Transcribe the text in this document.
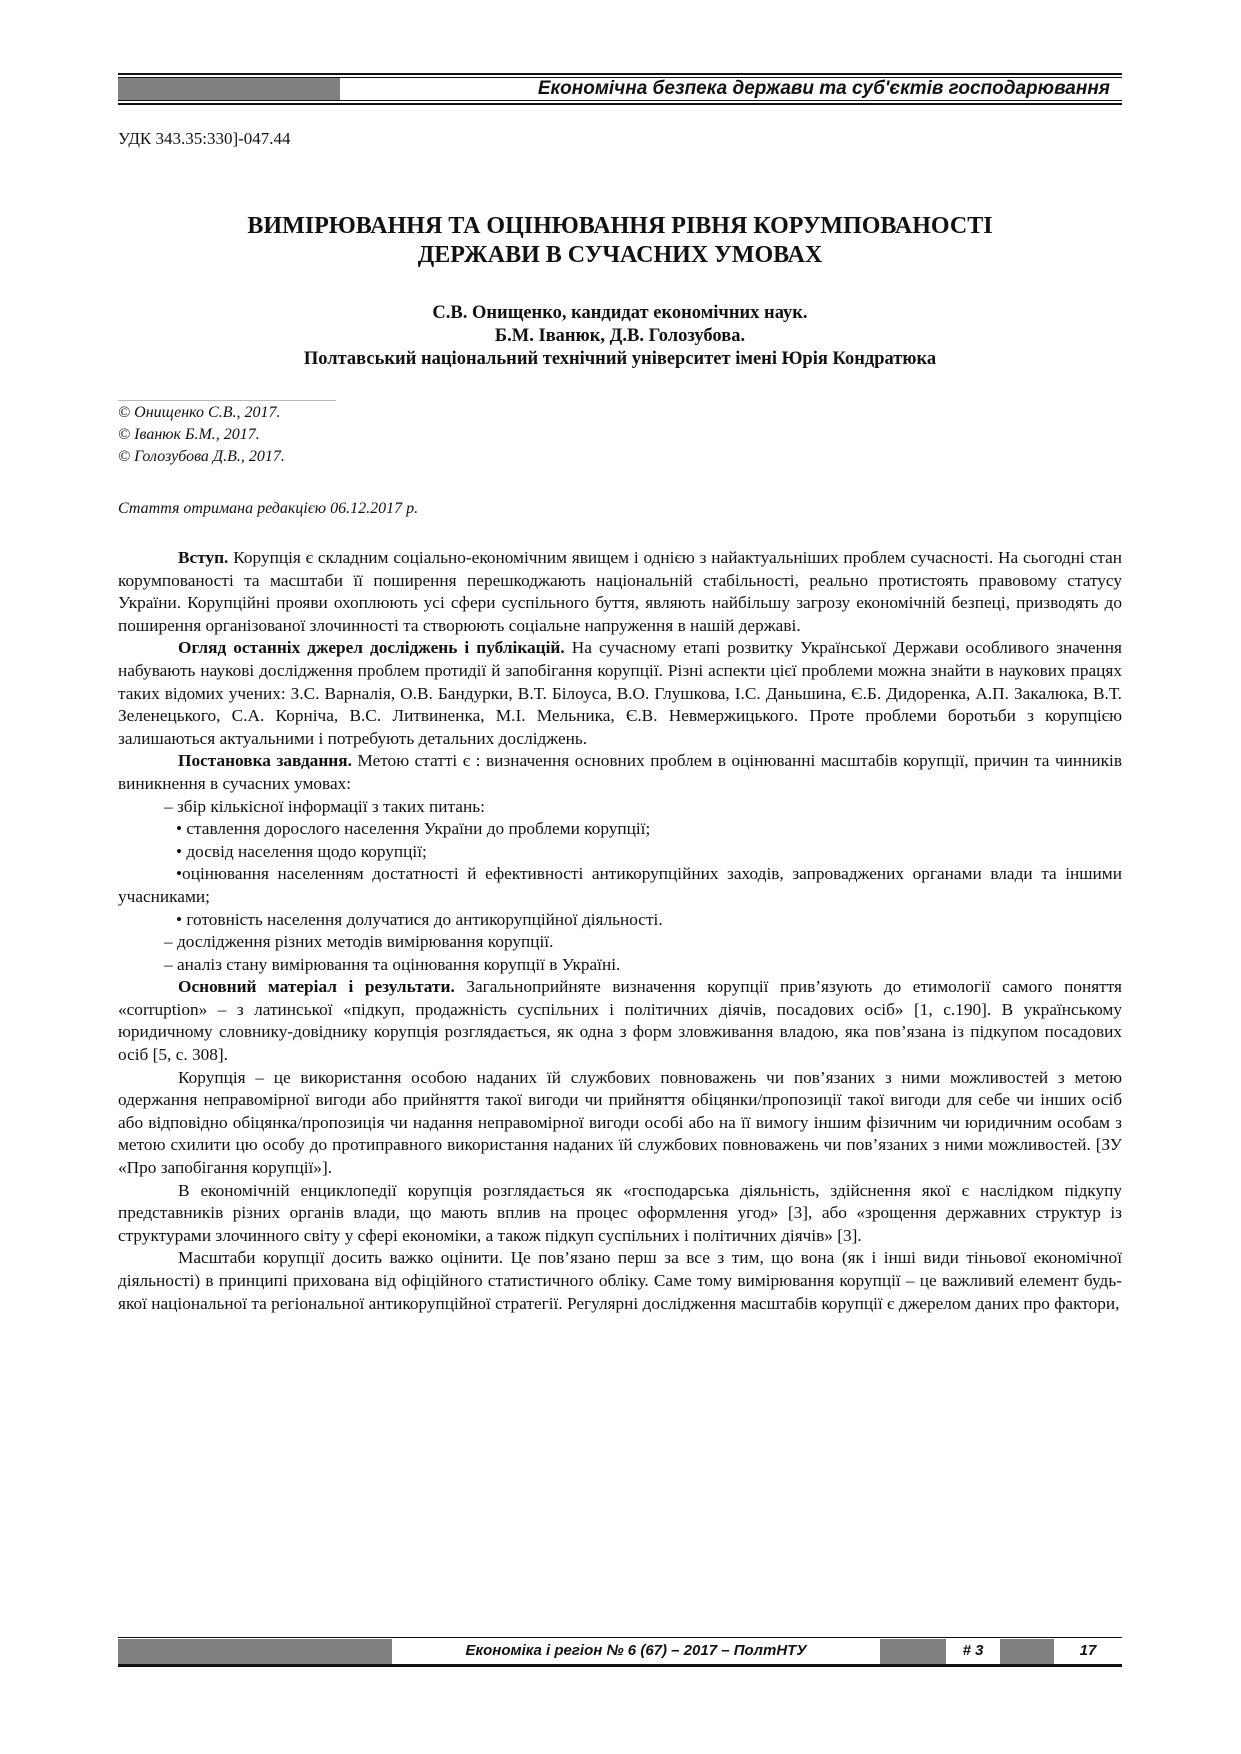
Економічна безпека держави та суб'єктів господарювання
УДК 343.35:330]-047.44
ВИМІРЮВАННЯ ТА ОЦІНЮВАННЯ РІВНЯ КОРУМПОВАНОСТІ
ДЕРЖАВИ В СУЧАСНИХ УМОВАХ
С.В. Онищенко, кандидат економічних наук.
Б.М. Іванюк, Д.В. Голозубова.
Полтавський національний технічний університет імені Юрія Кондратюка
© Онищенко С.В., 2017.
© Іванюк Б.М., 2017.
© Голозубова Д.В., 2017.
Стаття отримана редакцією 06.12.2017 р.

Вступ. Корупція є складним соціально-економічним явищем і однією з найактуальніших проблем сучасності. На сьогодні стан корумпованості та масштаби її поширення перешкоджають національній стабільності, реально протистоять правовому статусу України. Корупційні прояви охоплюють усі сфери суспільного буття, являють найбільшу загрозу економічній безпеці, призводять до поширення організованої злочинності та створюють соціальне напруження в нашій державі.

Огляд останніх джерел досліджень і публікацій. На сучасному етапі розвитку Української Держави особливого значення набувають наукові дослідження проблем протидії й запобігання корупції. Різні аспекти цієї проблеми можна знайти в наукових працях таких відомих учених: З.С. Варналія, О.В. Бандурки, В.Т. Білоуса, В.О. Глушкова, І.С. Даньшина, Є.Б. Дидоренка, А.П. Закалюка, В.Т. Зеленецького, С.А. Корніча, В.С. Литвиненка, М.І. Мельника, Є.В. Невмержицького. Проте проблеми боротьби з корупцією залишаються актуальними і потребують детальних досліджень.

Постановка завдання. Метою статті є : визначення основних проблем в оцінюванні масштабів корупції, причин та чинників виникнення в сучасних умовах:

– збір кількісної інформації з таких питань:

• ставлення дорослого населення України до проблеми корупції;

• досвід населення щодо корупції;

•оцінювання населенням достатності й ефективності антикорупційних заходів, запроваджених органами влади та іншими учасниками;

• готовність населення долучатися до антикорупційної діяльності.

– дослідження різних методів вимірювання корупції.

– аналіз стану вимірювання та оцінювання корупції в Україні.

Основний матеріал і результати. Загальноприйняте визначення корупції прив’язують до етимології самого поняття «corruption» – з латинської «підкуп, продажність суспільних і політичних діячів, посадових осіб» [1, с.190]. В українському юридичному словнику-довіднику корупція розглядається, як одна з форм зловживання владою, яка пов’язана із підкупом посадових осіб [5, с. 308].

Корупція – це використання особою наданих їй службових повноважень чи пов’язаних з ними можливостей з метою одержання неправомірної вигоди або прийняття такої вигоди чи прийняття обіцянки/пропозиції такої вигоди для себе чи інших осіб або відповідно обіцянка/пропозиція чи надання неправомірної вигоди особі або на її вимогу іншим фізичним чи юридичним особам з метою схилити цю особу до протиправного використання наданих їй службових повноважень чи пов’язаних з ними можливостей. [ЗУ «Про запобігання корупції»].

В економічній енциклопедії корупція розглядається як «господарська діяльність, здійснення якої є наслідком підкупу представників різних органів влади, що мають вплив на процес оформлення угод» [3], або «зрощення державних структур із структурами злочинного світу у сфері економіки, а також підкуп суспільних і політичних діячів» [3].

Масштаби корупції досить важко оцінити. Це пов’язано перш за все з тим, що вона (як і інші види тіньової економічної діяльності) в принципі прихована від офіційного статистичного обліку. Саме тому вимірювання корупції – це важливий елемент будь-якої національної та регіональної антикорупційної стратегії. Регулярні дослідження масштабів корупції є джерелом даних про фактори,

Економіка і регіон № 6 (67) – 2017 – ПолтНТУ	# 3	17
